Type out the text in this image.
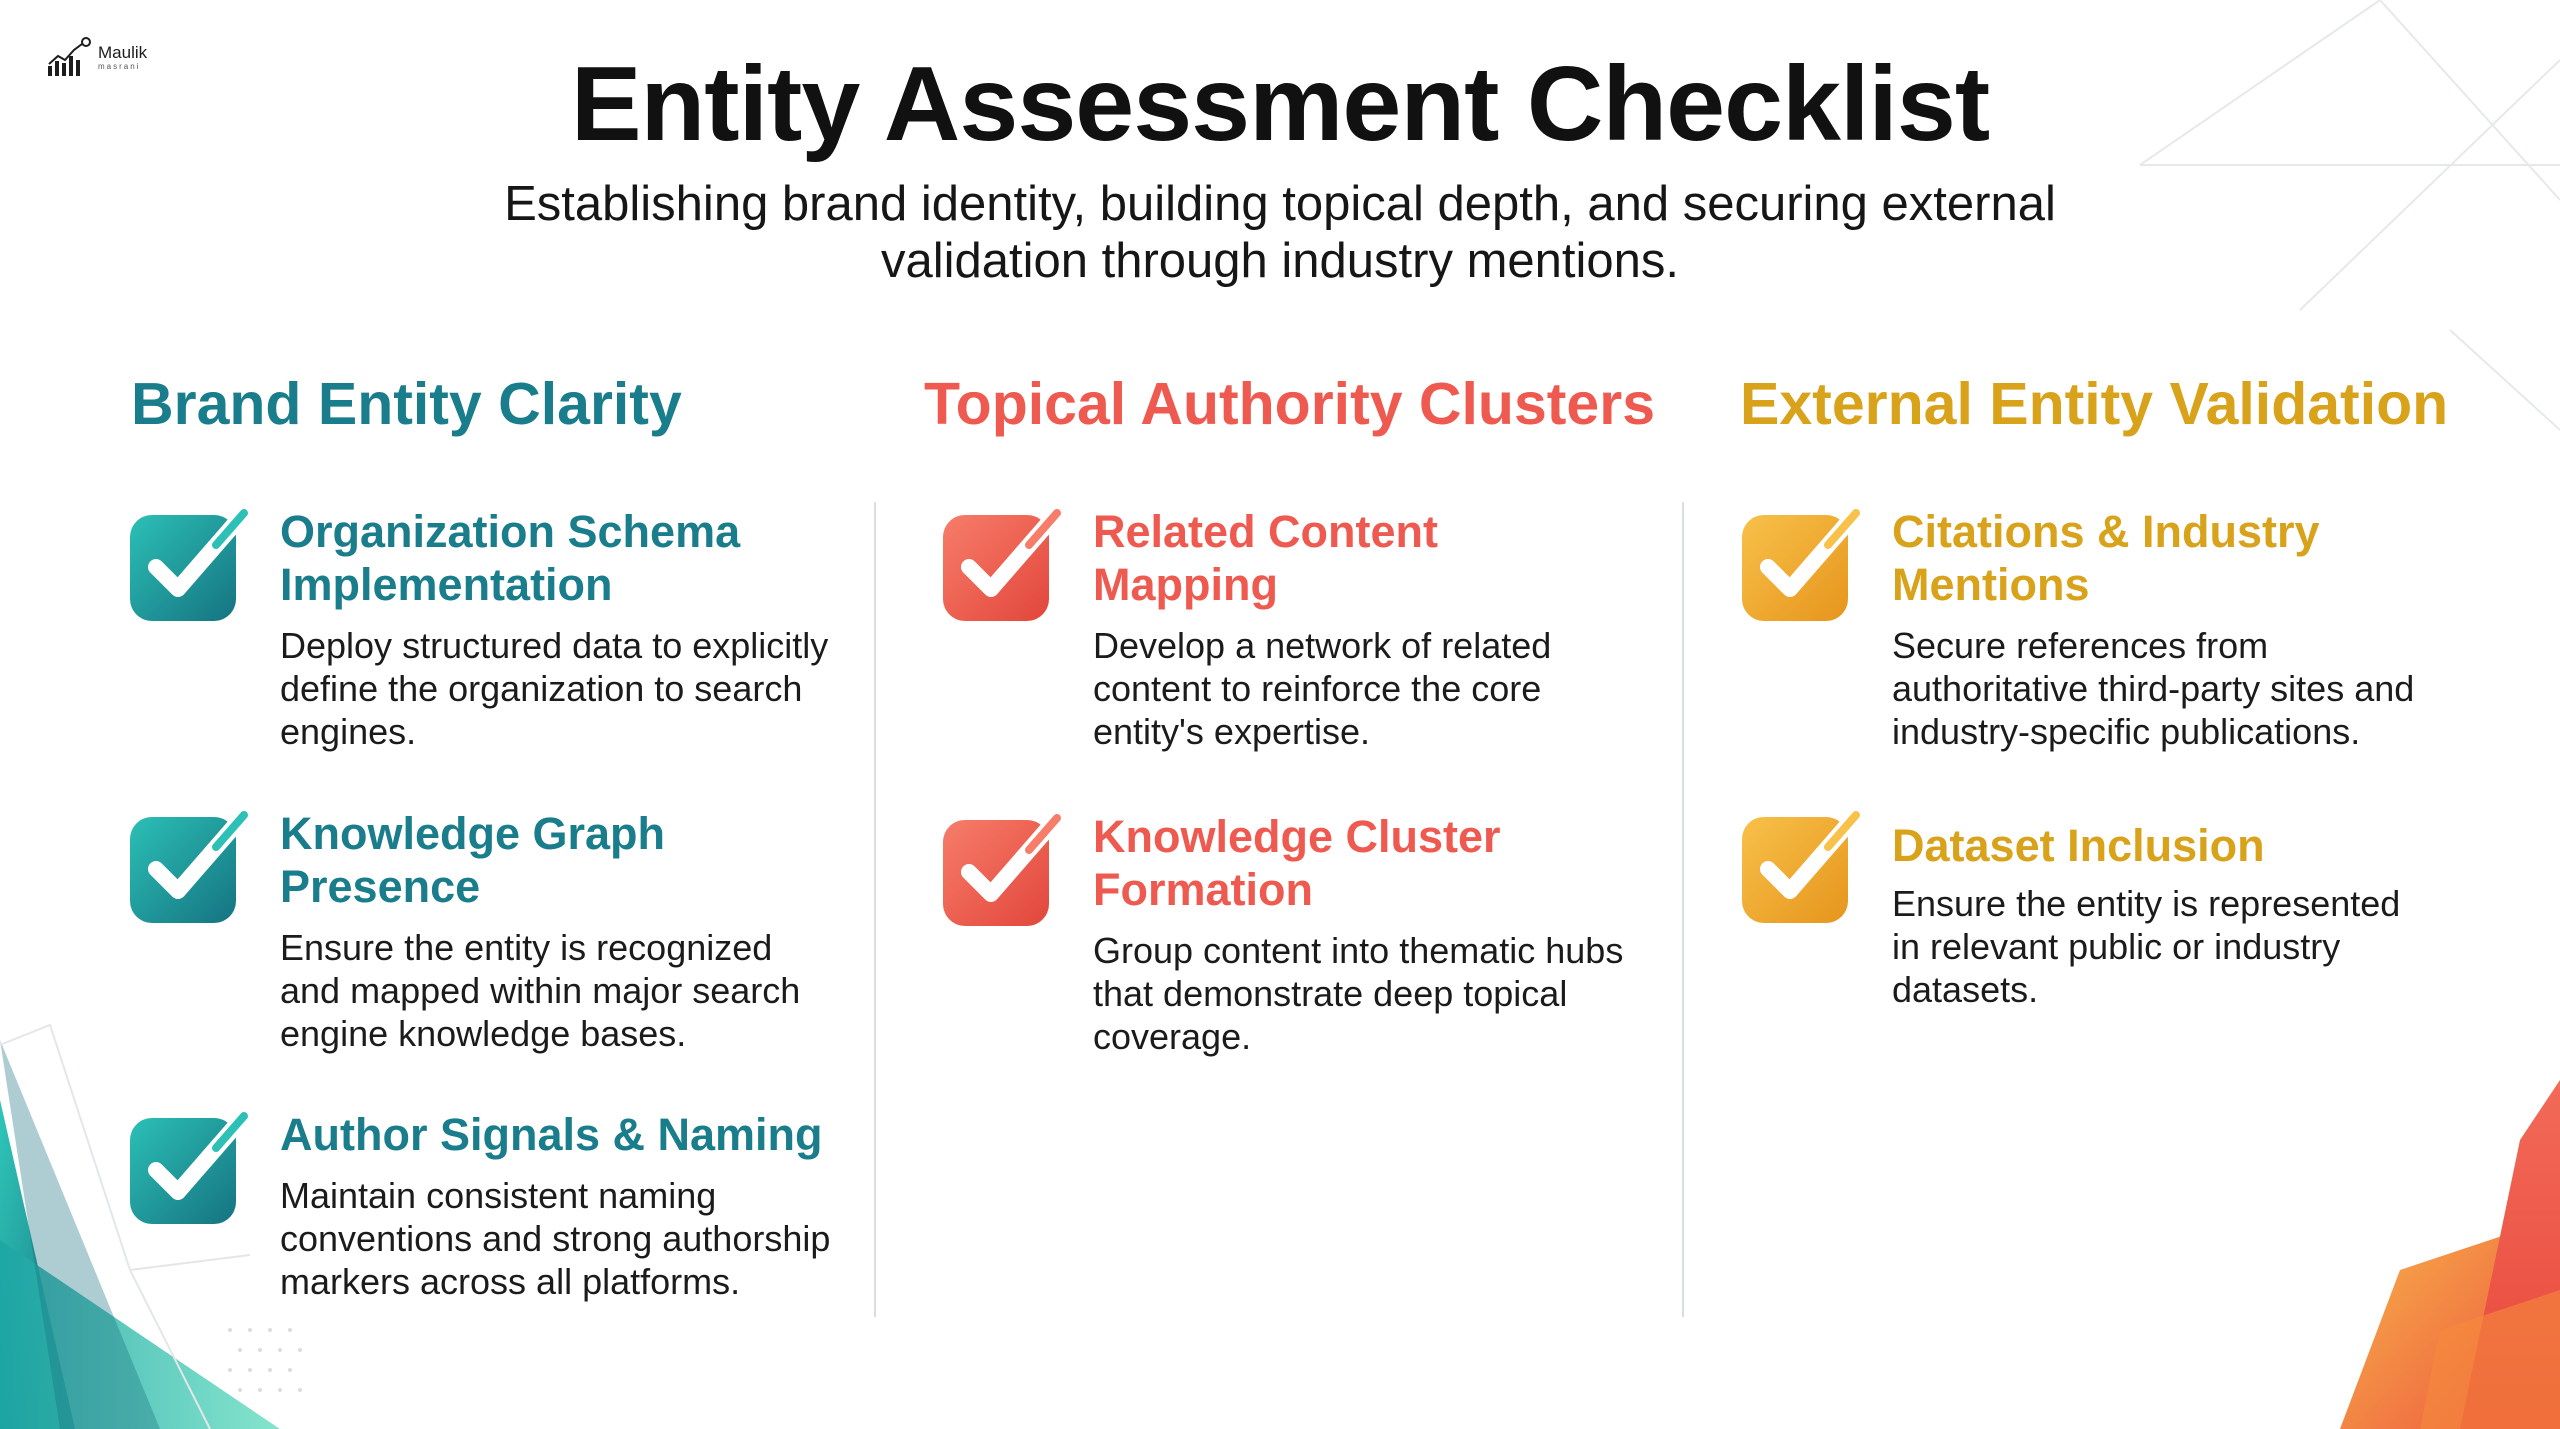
Maulik
masrani	Entity Assessment Checklist
Establishing brand identity, building topical depth, and securing external validation through industry mentions.
Brand Entity Clarity	Topical Authority Clusters External Entity Validation
Organization Schema Implementation
Deploy structured data to explicitly define the organization to search engines.
Knowledge Graph Presence
Ensure the entity is recognized and mapped within major search engine knowledge bases.
Author Signals & Naming
Maintain consistent naming conventions and strong authorship markers across all platforms.
Related Content Mapping
Develop a network of related content to reinforce the core entity's expertise.
Knowledge Cluster Formation
Group content into thematic hubs that demonstrate deep topical coverage.
Citations & Industry Mentions
Secure references from authoritative third-party sites and industry-specific publications.
Dataset Inclusion
Ensure the entity is represented in relevant public or industry datasets.
